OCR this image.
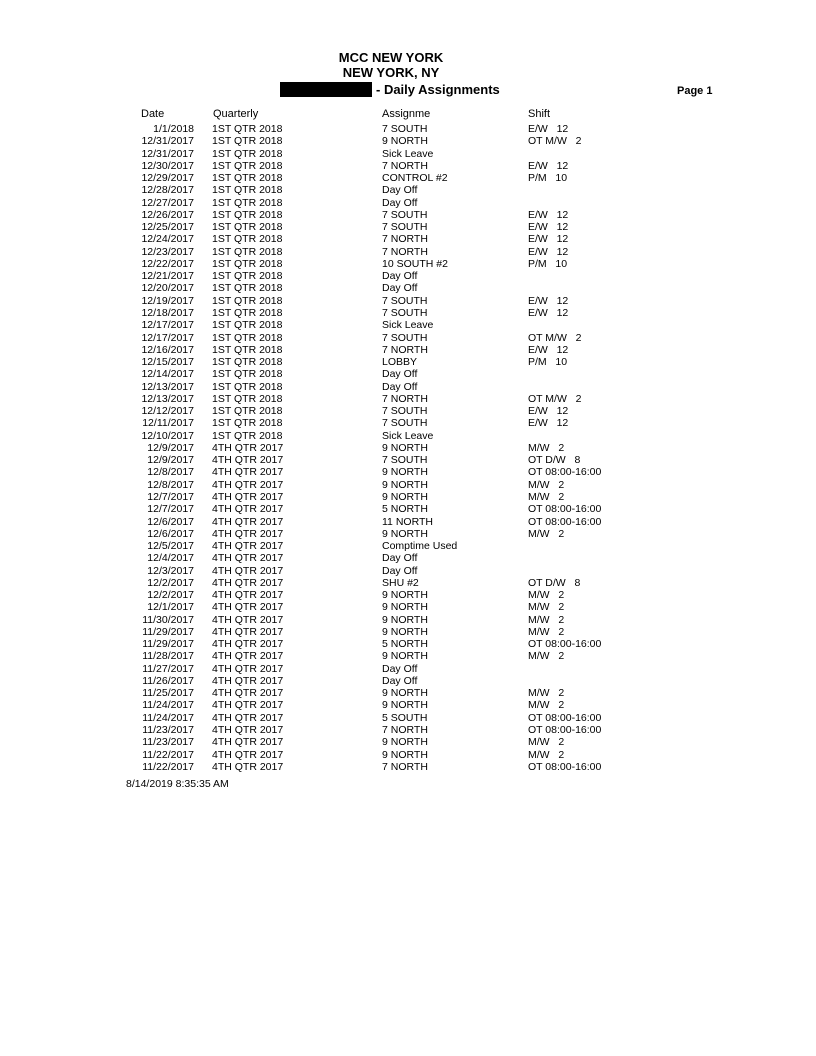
MCC NEW YORK
NEW YORK, NY
- Daily Assignments	Page 1
Date	Quarterly	Assignme	Shift
1/1/2018 1ST QTR 2018	7 SOUTH	E/W   12
12/31/2017 1ST QTR 2018	9 NORTH	OT M/W   2
12/31/2017 1ST QTR 2018	Sick Leave
12/30/2017 1ST QTR 2018	7 NORTH	E/W   12
12/29/2017 1ST QTR 2018	CONTROL #2	P/M   10
12/28/2017 1ST QTR 2018	Day Off
12/27/2017 1ST QTR 2018	Day Off
12/26/2017 1ST QTR 2018	7 SOUTH	E/W   12
12/25/2017 1ST QTR 2018	7 SOUTH	E/W   12
12/24/2017 1ST QTR 2018	7 NORTH	E/W   12
12/23/2017 1ST QTR 2018	7 NORTH	E/W   12
12/22/2017 1ST QTR 2018	10 SOUTH #2	P/M   10
12/21/2017 1ST QTR 2018	Day Off
12/20/2017 1ST QTR 2018	Day Off
12/19/2017 1ST QTR 2018	7 SOUTH	E/W   12
12/18/2017 1ST QTR 2018	7 SOUTH	E/W   12
12/17/2017 1ST QTR 2018	Sick Leave
12/17/2017 1ST QTR 2018	7 SOUTH	OT M/W   2
12/16/2017 1ST QTR 2018	7 NORTH	E/W   12
12/15/2017 1ST QTR 2018	LOBBY	P/M   10
12/14/2017 1ST QTR 2018	Day Off
12/13/2017 1ST QTR 2018	Day Off
12/13/2017 1ST QTR 2018	7 NORTH	OT M/W   2
12/12/2017 1ST QTR 2018	7 SOUTH	E/W   12
12/11/2017 1ST QTR 2018	7 SOUTH	E/W   12
12/10/2017 1ST QTR 2018	Sick Leave
12/9/2017 4TH QTR 2017	9 NORTH	M/W   2
12/9/2017 4TH QTR 2017	7 SOUTH	OT D/W   8
12/8/2017 4TH QTR 2017	9 NORTH	OT 08:00-16:00
12/8/2017 4TH QTR 2017	9 NORTH	M/W   2
12/7/2017 4TH QTR 2017	9 NORTH	M/W   2
12/7/2017 4TH QTR 2017	5 NORTH	OT 08:00-16:00
12/6/2017 4TH QTR 2017	11 NORTH	OT 08:00-16:00
12/6/2017 4TH QTR 2017	9 NORTH	M/W   2
12/5/2017 4TH QTR 2017	Comptime Used
12/4/2017 4TH QTR 2017	Day Off
12/3/2017 4TH QTR 2017	Day Off
12/2/2017 4TH QTR 2017	SHU #2	OT D/W   8
12/2/2017 4TH QTR 2017	9 NORTH	M/W   2
12/1/2017 4TH QTR 2017	9 NORTH	M/W   2
11/30/2017 4TH QTR 2017	9 NORTH	M/W   2
11/29/2017 4TH QTR 2017	9 NORTH	M/W   2
11/29/2017 4TH QTR 2017	5 NORTH	OT 08:00-16:00
11/28/2017 4TH QTR 2017	9 NORTH	M/W   2
11/27/2017 4TH QTR 2017	Day Off
11/26/2017 4TH QTR 2017	Day Off
11/25/2017 4TH QTR 2017	9 NORTH	M/W   2
11/24/2017 4TH QTR 2017	9 NORTH	M/W   2
11/24/2017 4TH QTR 2017	5 SOUTH	OT 08:00-16:00
11/23/2017 4TH QTR 2017	7 NORTH	OT 08:00-16:00
11/23/2017 4TH QTR 2017	9 NORTH	M/W   2
11/22/2017 4TH QTR 2017	9 NORTH	M/W   2
11/22/2017 4TH QTR 2017	7 NORTH	OT 08:00-16:00
8/14/2019 8:35:35 AM
